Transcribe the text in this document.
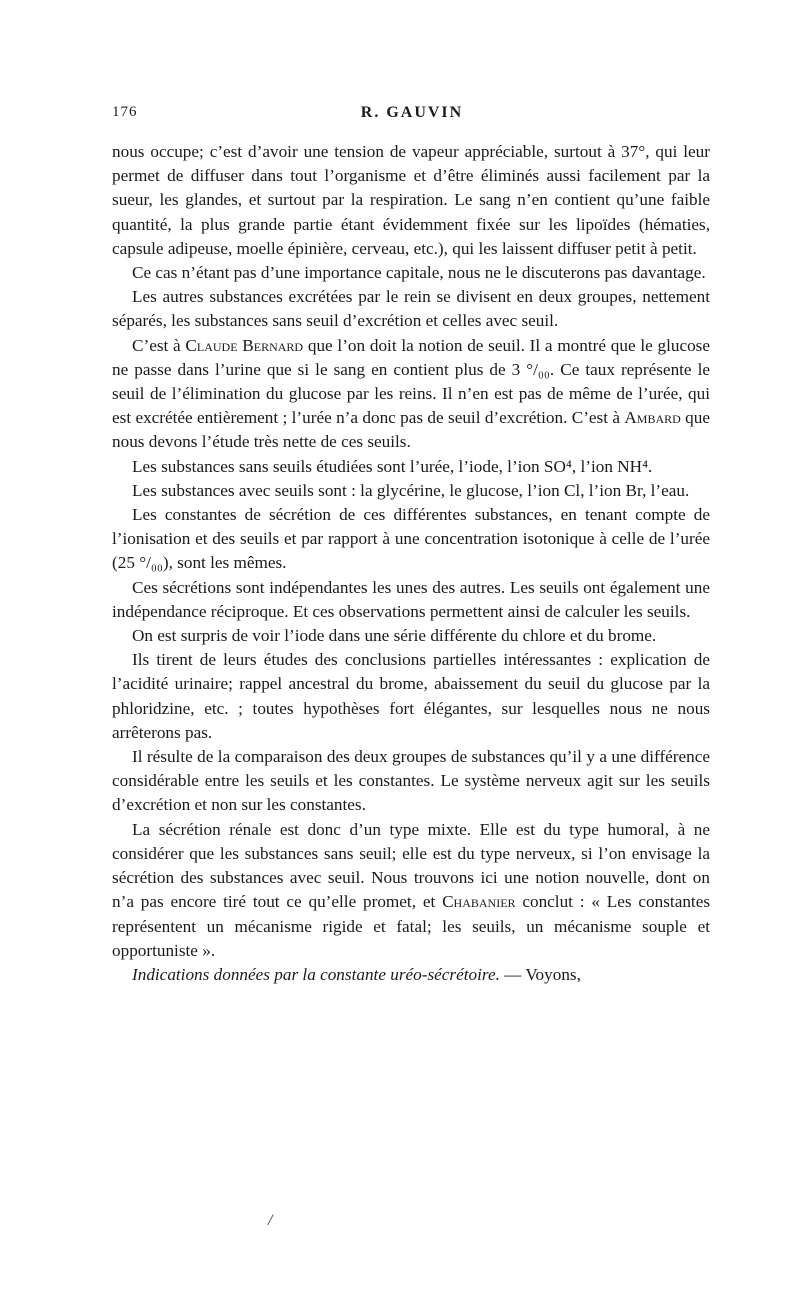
176	R. GAUVIN

nous occupe; c’est d’avoir une tension de vapeur appréciable, surtout à 37°, qui leur permet de diffuser dans tout l’organisme et d’être éliminés aussi facilement par la sueur, les glandes, et surtout par la respiration. Le sang n’en contient qu’une faible quantité, la plus grande partie étant évidemment fixée sur les lipoïdes (hématies, capsule adipeuse, moelle épinière, cerveau, etc.), qui les laissent diffuser petit à petit.

Ce cas n’étant pas d’une importance capitale, nous ne le discuterons pas davantage.

Les autres substances excrétées par le rein se divisent en deux groupes, nettement séparés, les substances sans seuil d’excrétion et celles avec seuil.

C’est à Claude Bernard que l’on doit la notion de seuil. Il a montré que le glucose ne passe dans l’urine que si le sang en contient plus de 3 °/₀₀. Ce taux représente le seuil de l’élimination du glucose par les reins. Il n’en est pas de même de l’urée, qui est excrétée entièrement ; l’urée n’a donc pas de seuil d’excrétion. C’est à Ambard que nous devons l’étude très nette de ces seuils.

Les substances sans seuils étudiées sont l’urée, l’iode, l’ion SO⁴, l’ion NH⁴.

Les substances avec seuils sont : la glycérine, le glucose, l’ion Cl, l’ion Br, l’eau.

Les constantes de sécrétion de ces différentes substances, en tenant compte de l’ionisation et des seuils et par rapport à une concentration isotonique à celle de l’urée (25 °/₀₀), sont les mêmes.

Ces sécrétions sont indépendantes les unes des autres. Les seuils ont également une indépendance réciproque. Et ces observations permettent ainsi de calculer les seuils.

On est surpris de voir l’iode dans une série différente du chlore et du brome.

Ils tirent de leurs études des conclusions partielles intéressantes : explication de l’acidité urinaire; rappel ancestral du brome, abaissement du seuil du glucose par la phloridzine, etc. ; toutes hypothèses fort élégantes, sur lesquelles nous ne nous arrêterons pas.

Il résulte de la comparaison des deux groupes de substances qu’il y a une différence considérable entre les seuils et les constantes. Le système nerveux agit sur les seuils d’excrétion et non sur les constantes.

La sécrétion rénale est donc d’un type mixte. Elle est du type humoral, à ne considérer que les substances sans seuil; elle est du type nerveux, si l’on envisage la sécrétion des substances avec seuil. Nous trouvons ici une notion nouvelle, dont on n’a pas encore tiré tout ce qu’elle promet, et Chabanier conclut : « Les constantes représentent un mécanisme rigide et fatal; les seuils, un mécanisme souple et opportuniste ».

Indications données par la constante uréo-sécrétoire. — Voyons,

/
